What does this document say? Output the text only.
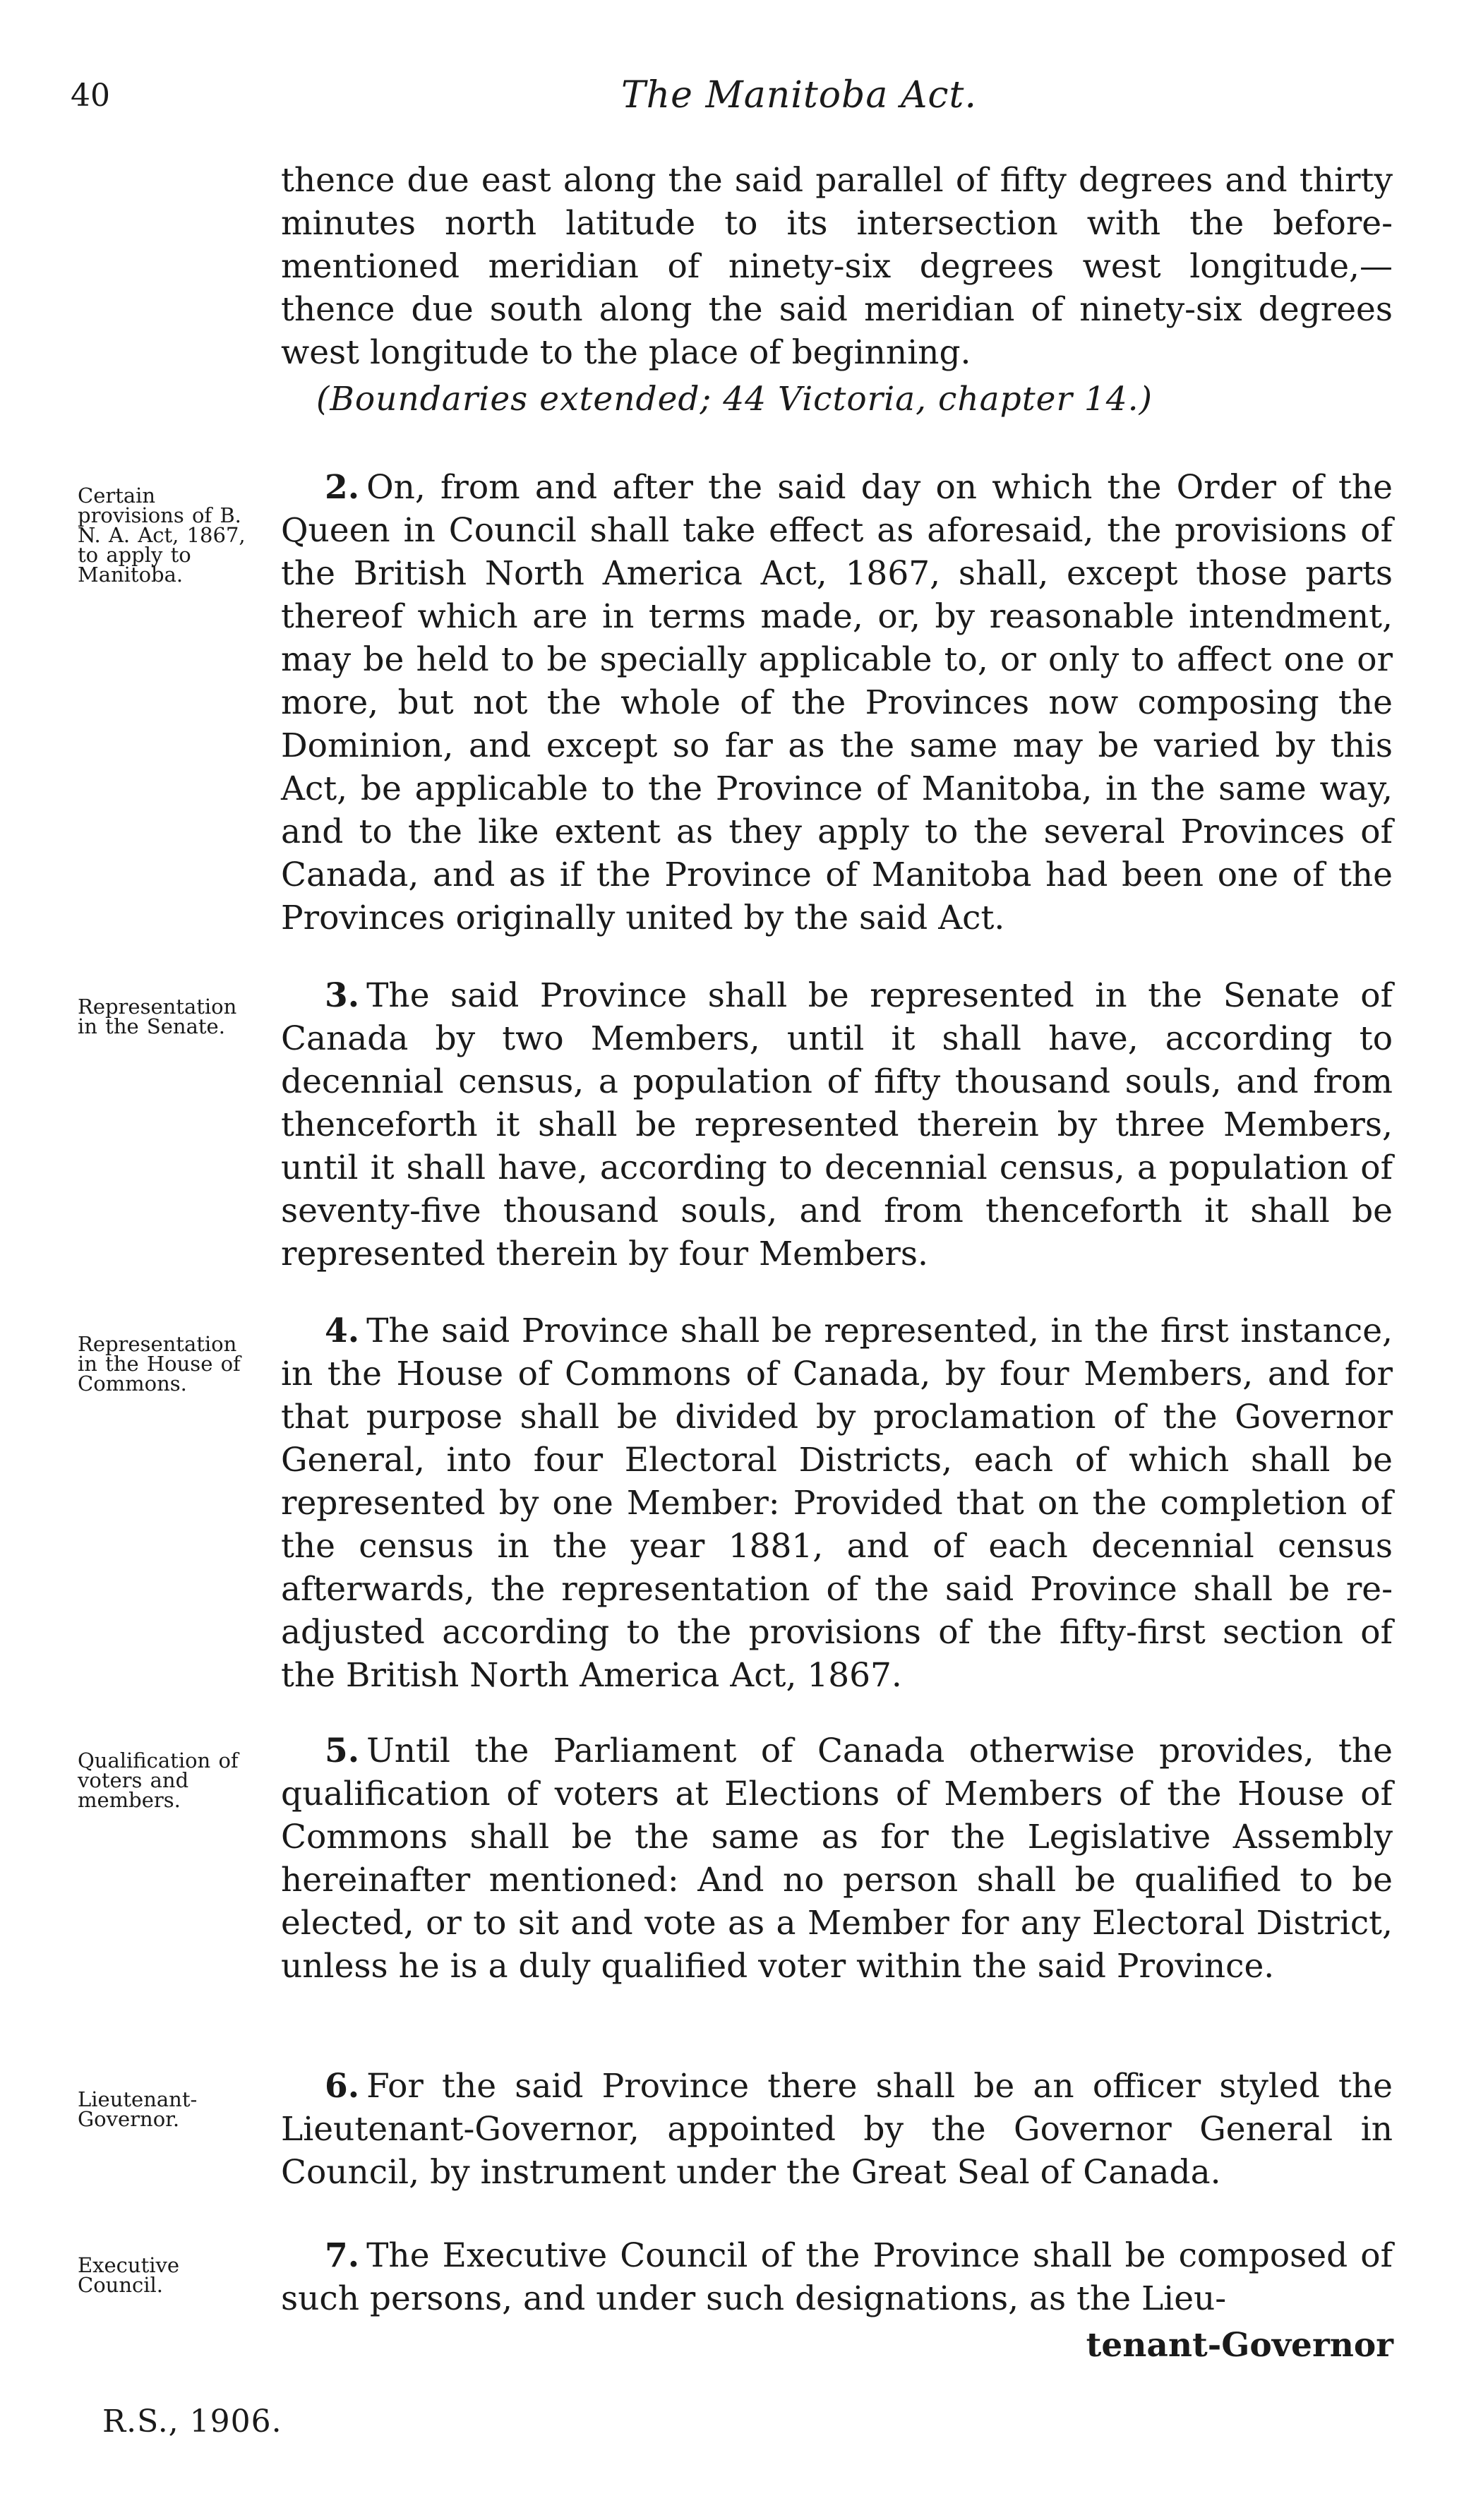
40	The Manitoba Act.
thence due east along the said parallel of fifty degrees and thirty minutes north latitude to its intersection with the before-mentioned meridian of ninety-six degrees west longitude,—thence due south along the said meridian of ninety-six degrees west longitude to the place of beginning.
(Boundaries extended; 44 Victoria, chapter 14.)
Certain provisions of B. N. A. Act, 1867, to apply to Manitoba.
2. On, from and after the said day on which the Order of the Queen in Council shall take effect as aforesaid, the provisions of the British North America Act, 1867, shall, except those parts thereof which are in terms made, or, by reasonable intendment, may be held to be specially applicable to, or only to affect one or more, but not the whole of the Provinces now composing the Dominion, and except so far as the same may be varied by this Act, be applicable to the Province of Manitoba, in the same way, and to the like extent as they apply to the several Provinces of Canada, and as if the Province of Manitoba had been one of the Provinces originally united by the said Act.
Representation in the Senate.
3. The said Province shall be represented in the Senate of Canada by two Members, until it shall have, according to decennial census, a population of fifty thousand souls, and from thenceforth it shall be represented therein by three Members, until it shall have, according to decennial census, a population of seventy-five thousand souls, and from thenceforth it shall be represented therein by four Members.
Representation in the House of Commons.
4. The said Province shall be represented, in the first instance, in the House of Commons of Canada, by four Members, and for that purpose shall be divided by proclamation of the Governor General, into four Electoral Districts, each of which shall be represented by one Member: Provided that on the completion of the census in the year 1881, and of each decennial census afterwards, the representation of the said Province shall be re-adjusted according to the provisions of the fifty-first section of the British North America Act, 1867.
Qualification of voters and members.
5. Until the Parliament of Canada otherwise provides, the qualification of voters at Elections of Members of the House of Commons shall be the same as for the Legislative Assembly hereinafter mentioned: And no person shall be qualified to be elected, or to sit and vote as a Member for any Electoral District, unless he is a duly qualified voter within the said Province.
Lieutenant-Governor.
6. For the said Province there shall be an officer styled the Lieutenant-Governor, appointed by the Governor General in Council, by instrument under the Great Seal of Canada.
Executive Council.
7. The Executive Council of the Province shall be composed of such persons, and under such designations, as the Lieu-
tenant-Governor
R.S., 1906.
